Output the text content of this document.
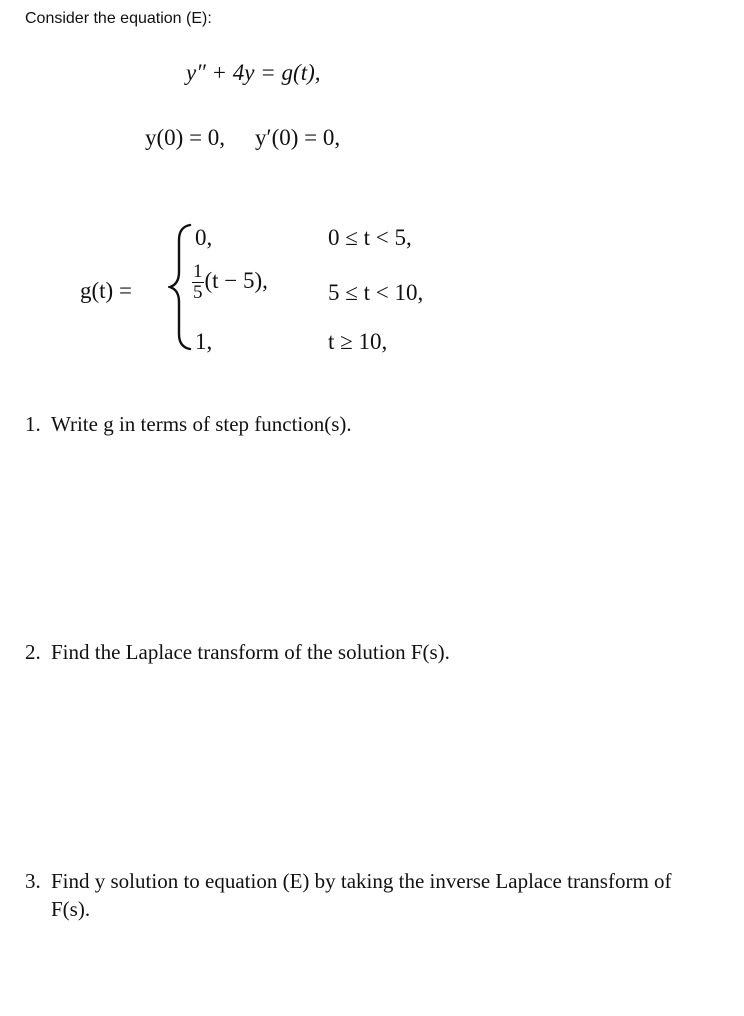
Consider the equation (E):
y″ + 4y = g(t),
y(0) = 0, y′(0) = 0,
g(t) =
0,	0 ≤ t < 5,
$\frac{1}{5} (t - 5)$,	5 ≤ t < 10,
1,	t ≥ 10,
1. Write g in terms of step function(s).
2. Find the Laplace transform of the solution F(s).
3. Find y solution to equation (E) by taking the inverse Laplace transform of F(s).
